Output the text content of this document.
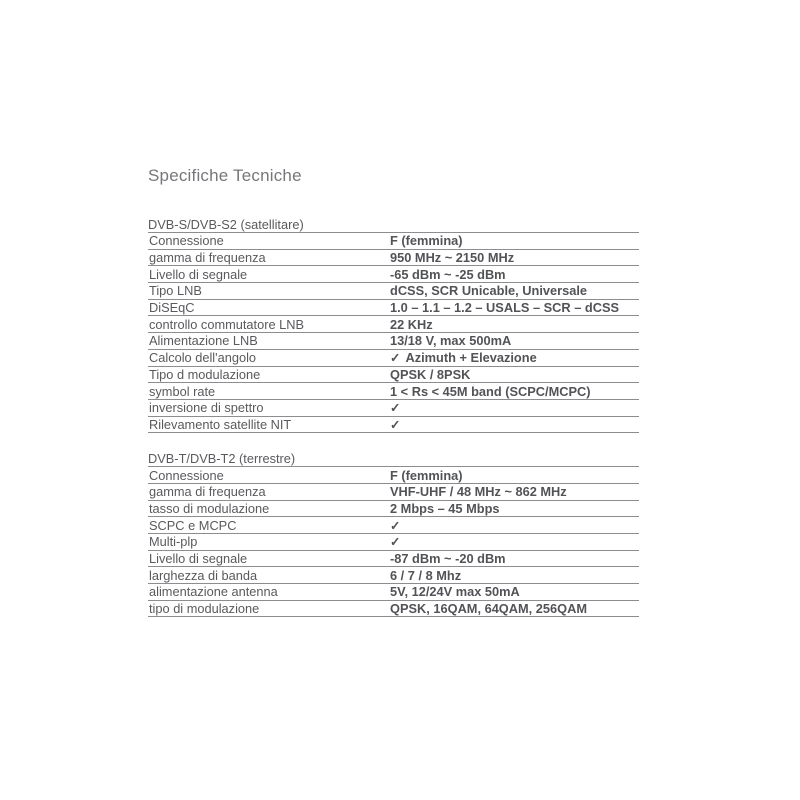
Specifiche Tecniche
DVB-S/DVB-S2 (satellitare)
Connessione	F (femmina)
gamma di frequenza	950 MHz ~ 2150 MHz
Livello di segnale	-65 dBm ~ -25 dBm
Tipo LNB	dCSS, SCR Unicable, Universale
DiSEqC	1.0 – 1.1 – 1.2 – USALS – SCR – dCSS
controllo commutatore LNB	22 KHz
Alimentazione LNB	13/18 V, max 500mA
Calcolo dell'angolo	✓ Azimuth + Elevazione
Tipo d modulazione	QPSK / 8PSK
symbol rate	1 < Rs < 45M band (SCPC/MCPC)
inversione di spettro	✓
Rilevamento satellite NIT	✓
DVB-T/DVB-T2 (terrestre)
Connessione	F (femmina)
gamma di frequenza	VHF-UHF / 48 MHz ~ 862 MHz
tasso di modulazione	2 Mbps – 45 Mbps
SCPC e MCPC	✓
Multi-plp	✓
Livello di segnale	-87 dBm ~ -20 dBm
larghezza di banda	6 / 7 / 8 Mhz
alimentazione antenna	5V, 12/24V max 50mA
tipo di modulazione	QPSK, 16QAM, 64QAM, 256QAM
